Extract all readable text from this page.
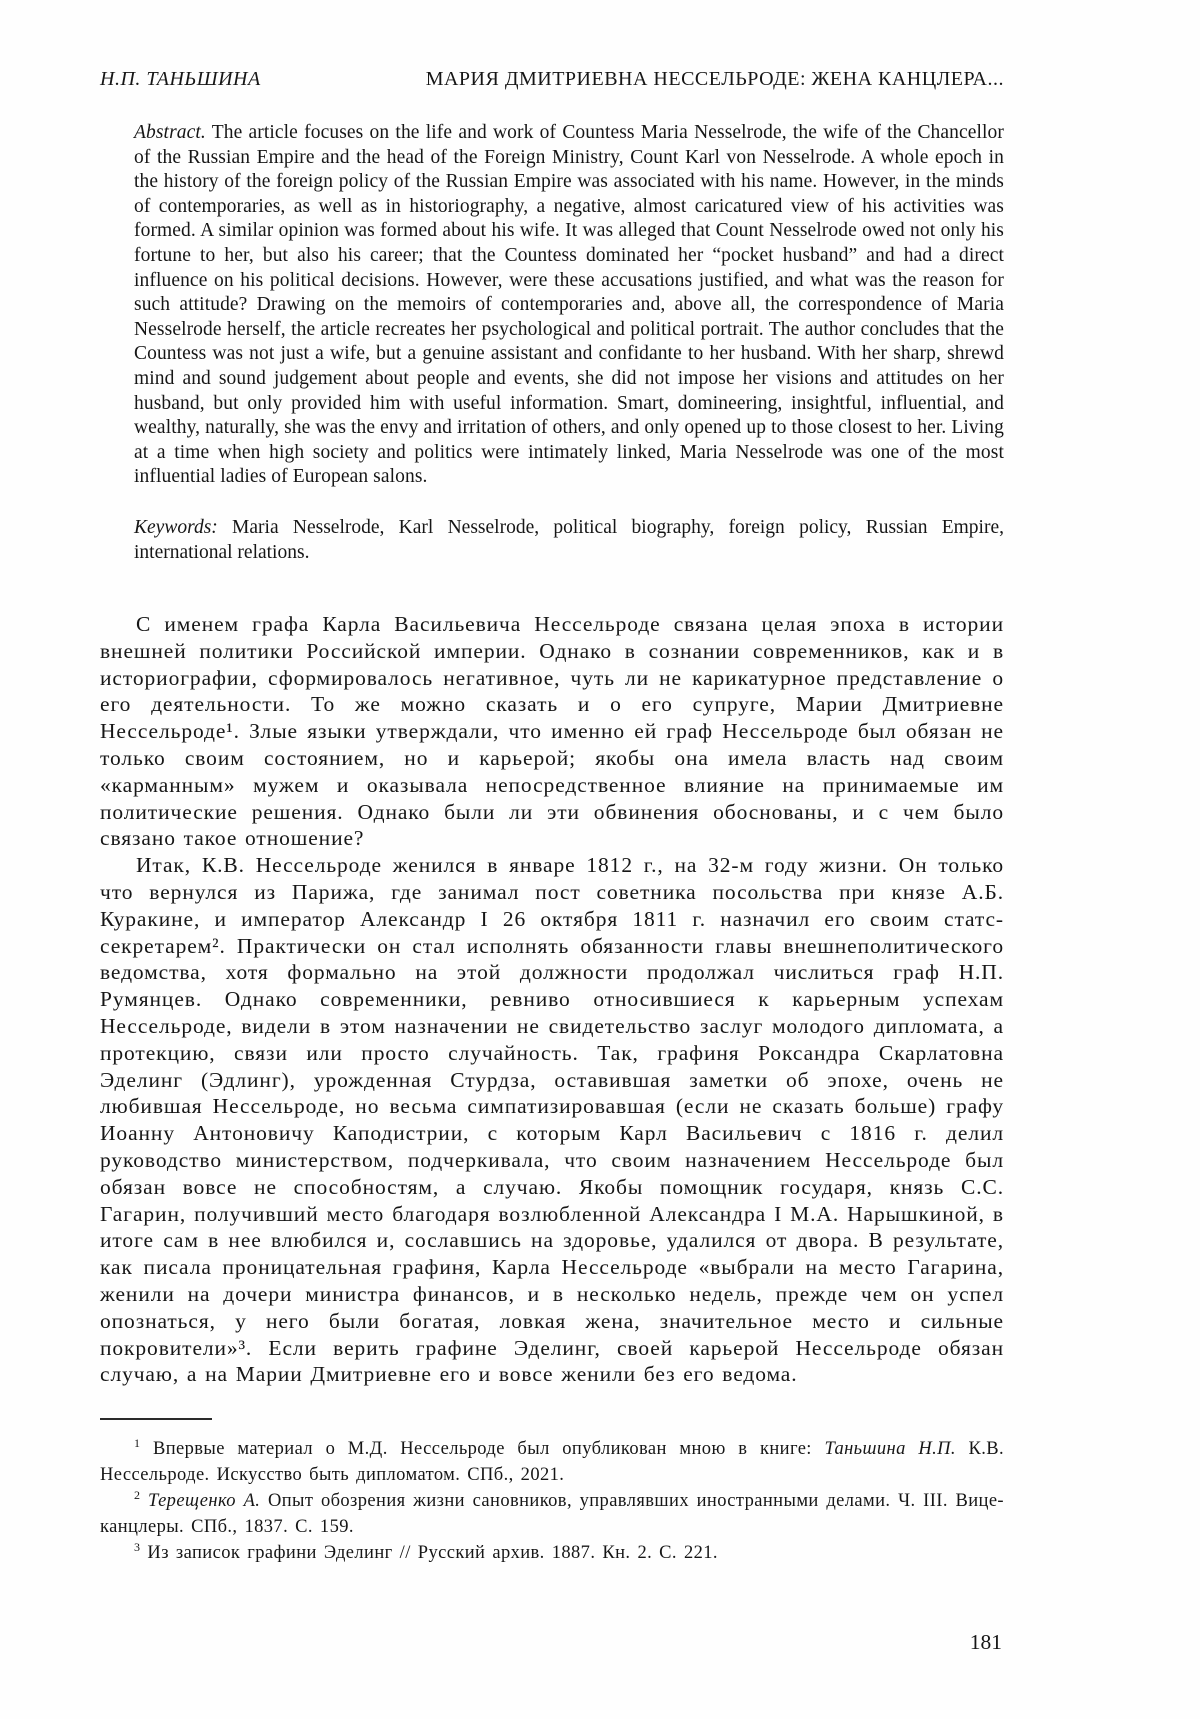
Н.П. ТАНЬШИНА	МАРИЯ ДМИТРИЕВНА НЕССЕЛЬРОДЕ: ЖЕНА КАНЦЛЕРА...

Abstract. The article focuses on the life and work of Countess Maria Nesselrode, the wife of the Chancellor of the Russian Empire and the head of the Foreign Ministry, Count Karl von Nesselrode. A whole epoch in the history of the foreign policy of the Russian Empire was associated with his name. However, in the minds of contemporaries, as well as in historiography, a negative, almost caricatured view of his activities was formed. A similar opinion was formed about his wife. It was alleged that Count Nesselrode owed not only his fortune to her, but also his career; that the Countess dominated her “pocket husband” and had a direct influence on his political decisions. However, were these accusations justified, and what was the reason for such attitude? Drawing on the memoirs of contemporaries and, above all, the correspondence of Maria Nesselrode herself, the article recreates her psychological and political portrait. The author concludes that the Countess was not just a wife, but a genuine assistant and confidante to her husband. With her sharp, shrewd mind and sound judgement about people and events, she did not impose her visions and attitudes on her husband, but only provided him with useful information. Smart, domineering, insightful, influential, and wealthy, naturally, she was the envy and irritation of others, and only opened up to those closest to her. Living at a time when high society and politics were intimately linked, Maria Nesselrode was one of the most influential ladies of European salons.

Keywords: Maria Nesselrode, Karl Nesselrode, political biography, foreign policy, Russian Empire, international relations.

С именем графа Карла Васильевича Нессельроде связана целая эпоха в истории внешней политики Российской империи. Однако в сознании современников, как и в историографии, сформировалось негативное, чуть ли не карикатурное представление о его деятельности. То же можно сказать и о его супруге, Марии Дмитриевне Нессельроде¹. Злые языки утверждали, что именно ей граф Нессельроде был обязан не только своим состоянием, но и карьерой; якобы она имела власть над своим «карманным» мужем и оказывала непосредственное влияние на принимаемые им политические решения. Однако были ли эти обвинения обоснованы, и с чем было связано такое отношение?

Итак, К.В. Нессельроде женился в январе 1812 г., на 32-м году жизни. Он только что вернулся из Парижа, где занимал пост советника посольства при князе А.Б. Куракине, и император Александр I 26 октября 1811 г. назначил его своим статс-секретарем². Практически он стал исполнять обязанности главы внешнеполитического ведомства, хотя формально на этой должности продолжал числиться граф Н.П. Румянцев. Однако современники, ревниво относившиеся к карьерным успехам Нессельроде, видели в этом назначении не свидетельство заслуг молодого дипломата, а протекцию, связи или просто случайность. Так, графиня Роксандра Скарлатовна Эделинг (Эдлинг), урожденная Стурдза, оставившая заметки об эпохе, очень не любившая Нессельроде, но весьма симпатизировавшая (если не сказать больше) графу Иоанну Антоновичу Каподистрии, с которым Карл Васильевич с 1816 г. делил руководство министерством, подчеркивала, что своим назначением Нессельроде был обязан вовсе не способностям, а случаю. Якобы помощник государя, князь С.С. Гагарин, получивший место благодаря возлюбленной Александра I М.А. Нарышкиной, в итоге сам в нее влюбился и, сославшись на здоровье, удалился от двора. В результате, как писала проницательная графиня, Карла Нессельроде «выбрали на место Гагарина, женили на дочери министра финансов, и в несколько недель, прежде чем он успел опознаться, у него были богатая, ловкая жена, значительное место и сильные покровители»³. Если верить графине Эделинг, своей карьерой Нессельроде обязан случаю, а на Марии Дмитриевне его и вовсе женили без его ведома.

$^1$ Впервые материал о М.Д. Нессельроде был опубликован мною в книге: Таньшина Н.П. К.В. Нессельроде. Искусство быть дипломатом. СПб., 2021.

$^2$ Терещенко А. Опыт обозрения жизни сановников, управлявших иностранными делами. Ч. III. Вице-канцлеры. СПб., 1837. С. 159.

$^3$ Из записок графини Эделинг // Русский архив. 1887. Кн. 2. С. 221.

181
